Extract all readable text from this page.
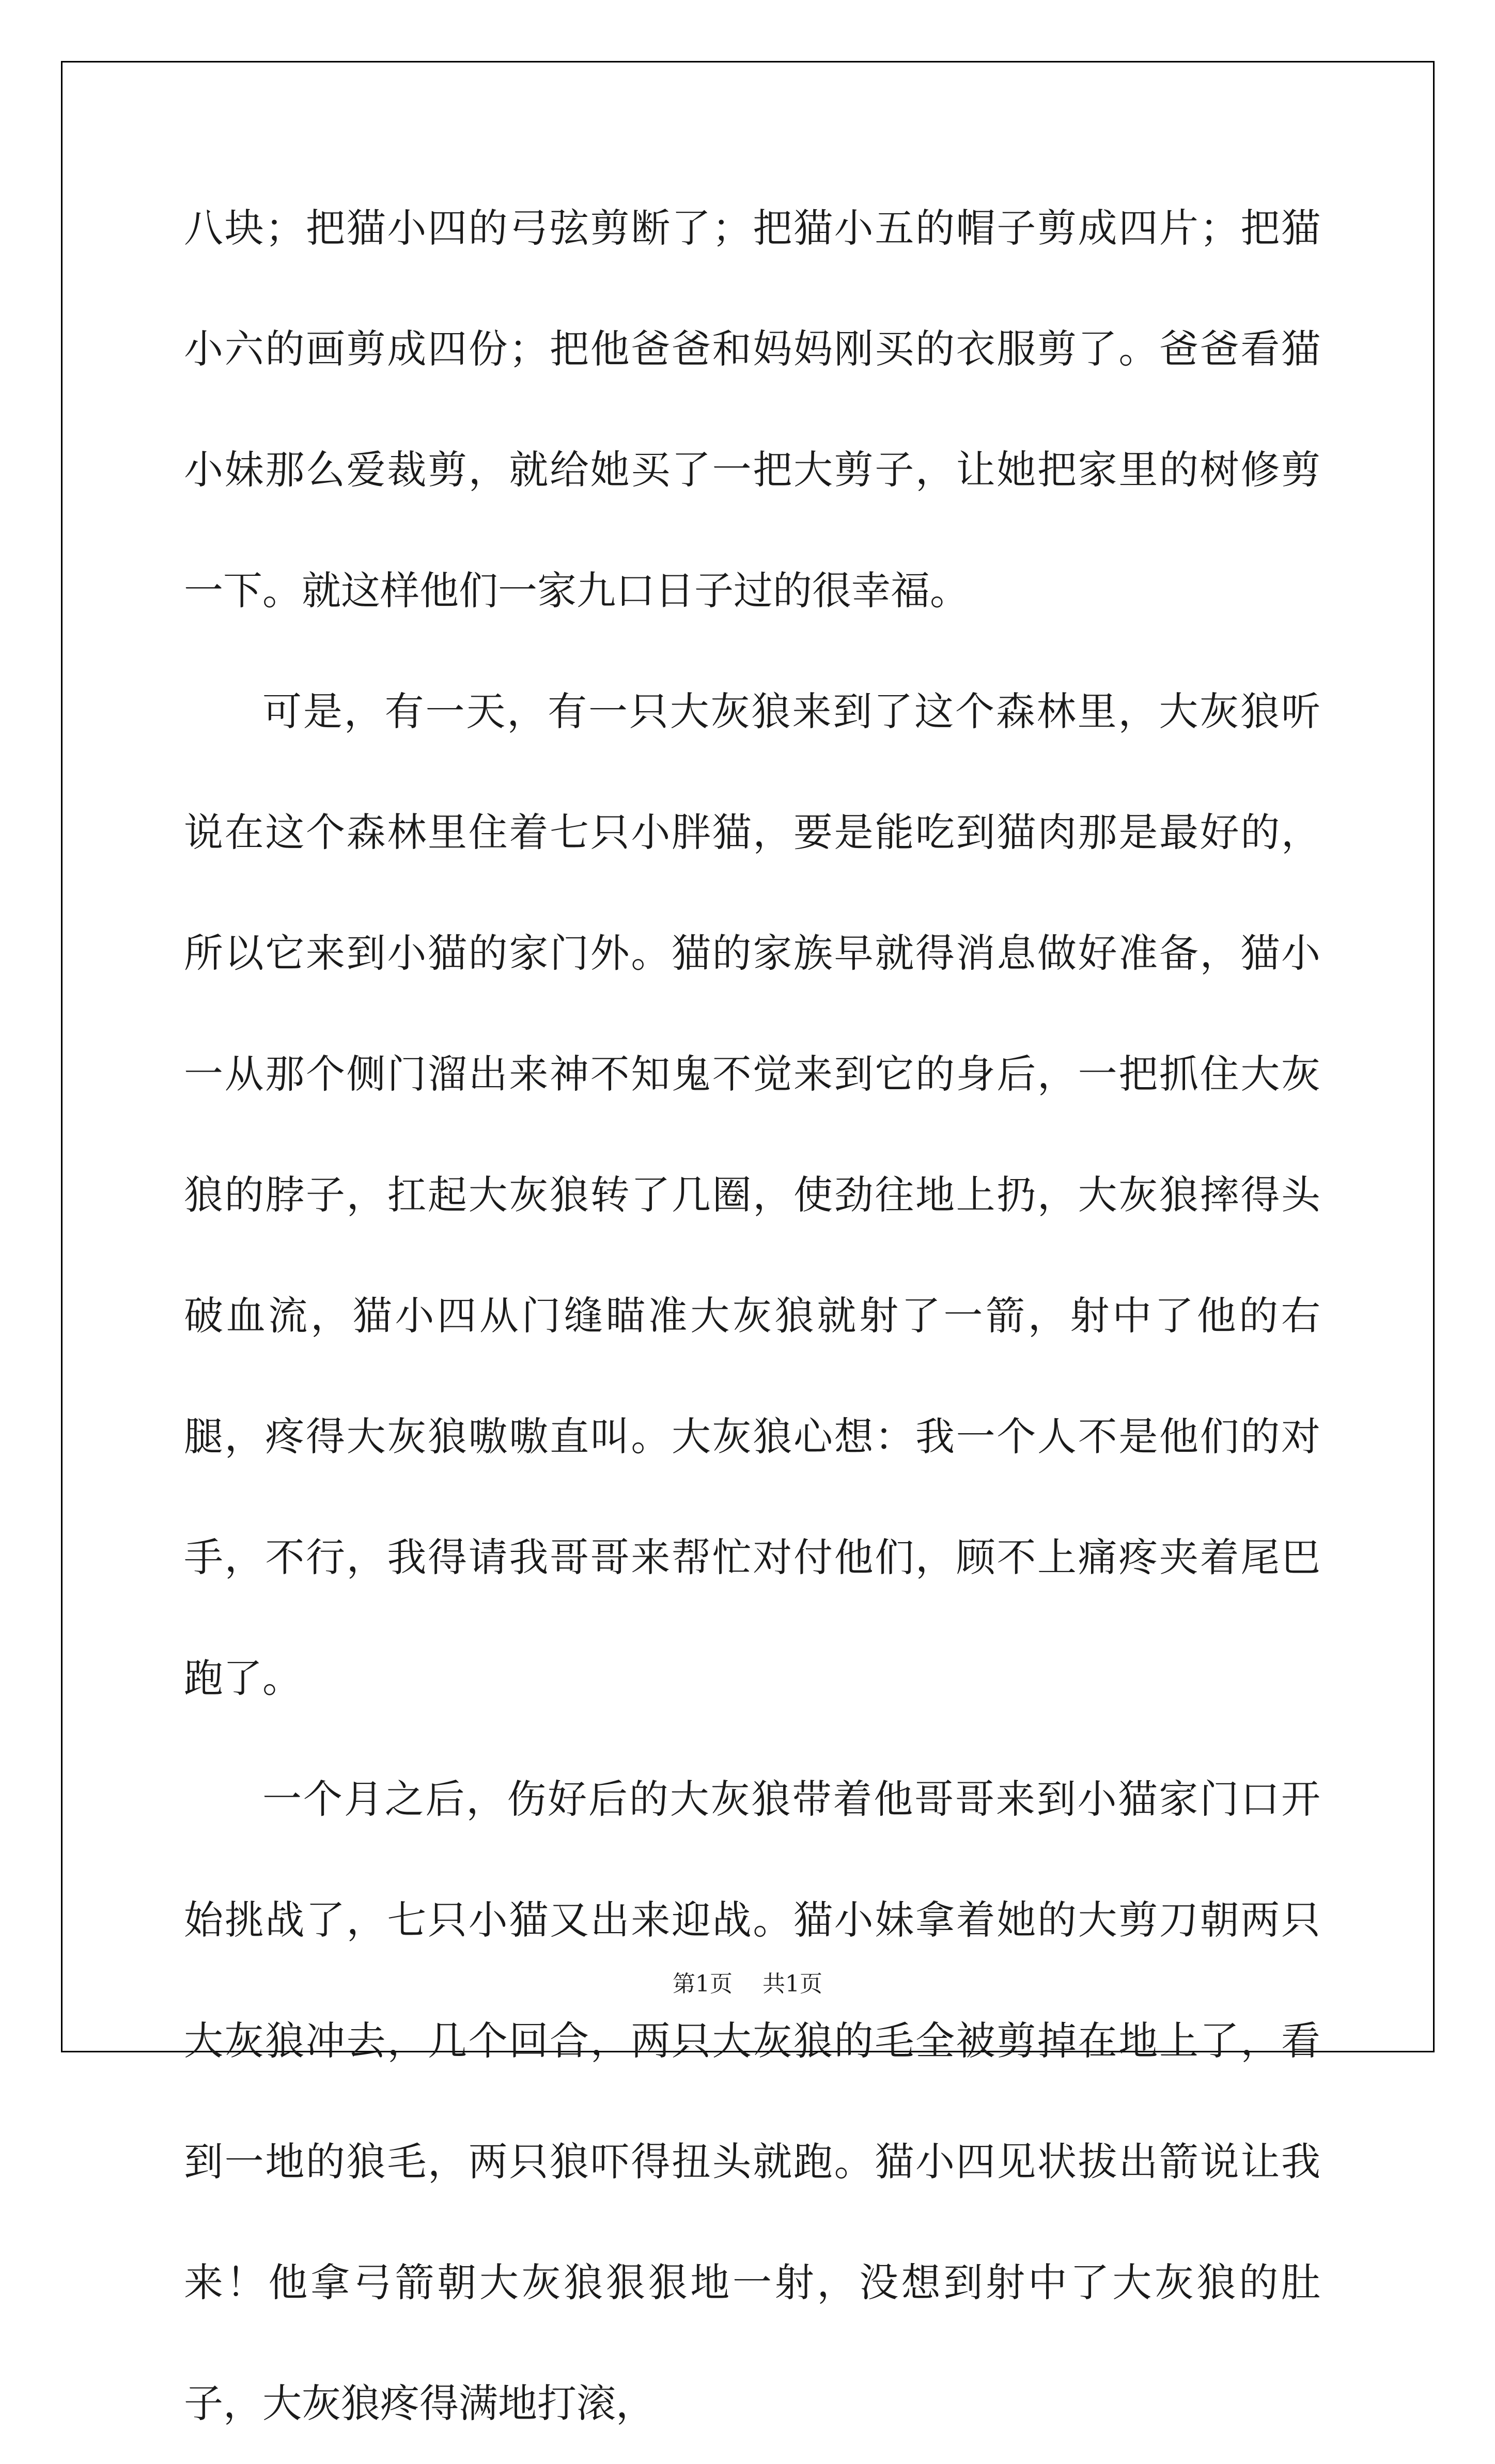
八块；把猫小四的弓弦剪断了；把猫小五的帽子剪成四片；把猫小六的画剪成四份；把他爸爸和妈妈刚买的衣服剪了。爸爸看猫小妹那么爱裁剪，就给她买了一把大剪子，让她把家里的树修剪一下。就这样他们一家九口日子过的很幸福。

可是，有一天，有一只大灰狼来到了这个森林里，大灰狼听说在这个森林里住着七只小胖猫，要是能吃到猫肉那是最好的，所以它来到小猫的家门外。猫的家族早就得消息做好准备，猫小一从那个侧门溜出来神不知鬼不觉来到它的身后，一把抓住大灰狼的脖子，扛起大灰狼转了几圈，使劲往地上扔，大灰狼摔得头破血流，猫小四从门缝瞄准大灰狼就射了一箭，射中了他的右腿，疼得大灰狼嗷嗷直叫。大灰狼心想：我一个人不是他们的对手，不行，我得请我哥哥来帮忙对付他们，顾不上痛疼夹着尾巴跑了。

一个月之后，伤好后的大灰狼带着他哥哥来到小猫家门口开始挑战了，七只小猫又出来迎战。猫小妹拿着她的大剪刀朝两只大灰狼冲去，几个回合，两只大灰狼的毛全被剪掉在地上了，看到一地的狼毛，两只狼吓得扭头就跑。猫小四见状拔出箭说让我来！他拿弓箭朝大灰狼狠狠地一射，没想到射中了大灰狼的肚子，大灰狼疼得满地打滚，

第1页 共1页
